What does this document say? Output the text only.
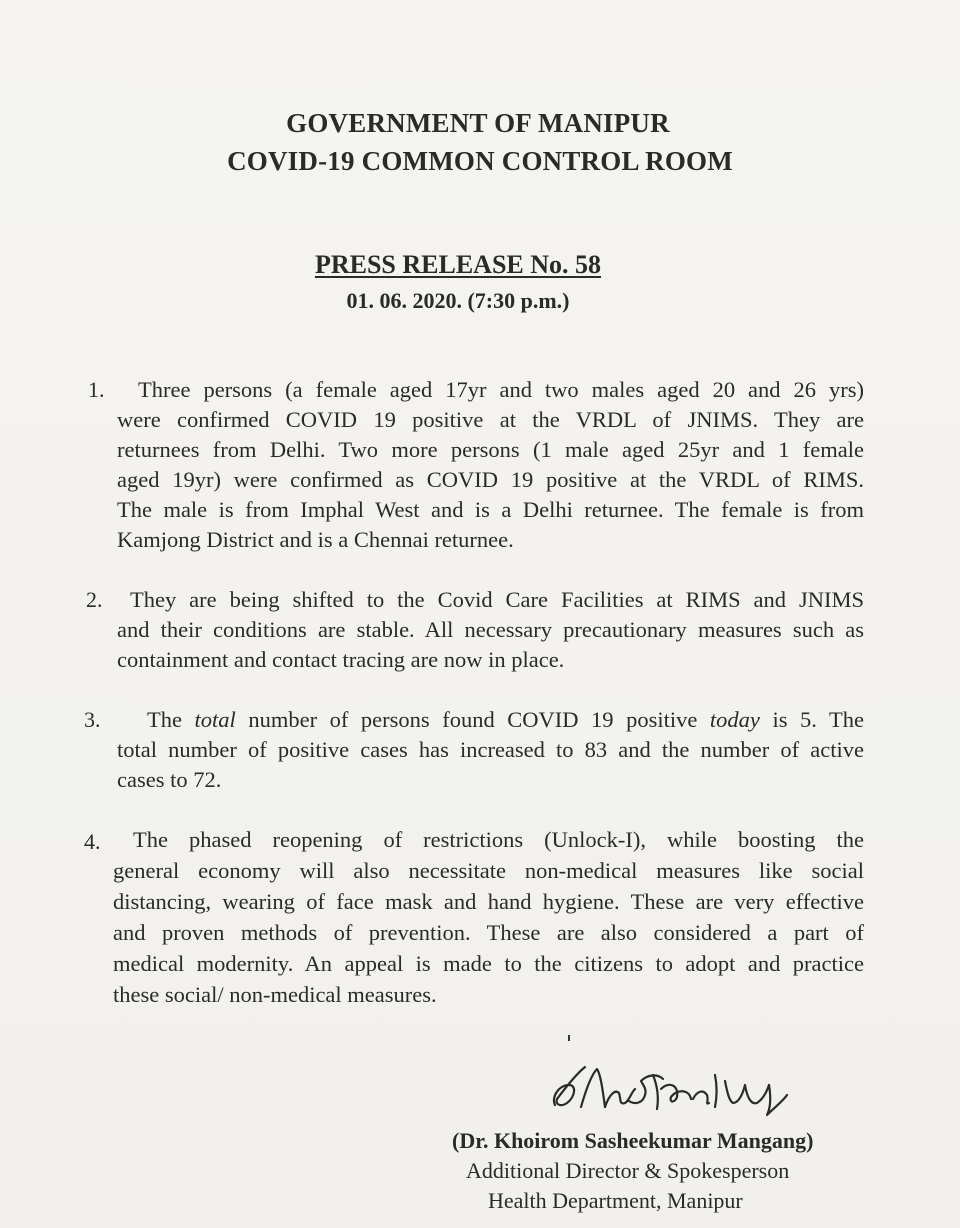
GOVERNMENT OF MANIPUR
COVID-19 COMMON CONTROL ROOM
PRESS RELEASE No. 58
01. 06. 2020. (7:30 p.m.)
1. Three persons (a female aged 17yr and two males aged 20 and 26 yrs)
were confirmed COVID 19 positive at the VRDL of JNIMS. They are
returnees from Delhi. Two more persons (1 male aged 25yr and 1 female
aged 19yr) were confirmed as COVID 19 positive at the VRDL of RIMS.
The male is from Imphal West and is a Delhi returnee. The female is from
Kamjong District and is a Chennai returnee.
2. They are being shifted to the Covid Care Facilities at RIMS and JNIMS
and their conditions are stable. All necessary precautionary measures such as
containment and contact tracing are now in place.
3. The total number of persons found COVID 19 positive today is 5. The
total number of positive cases has increased to 83 and the number of active
cases to 72.
4. The phased reopening of restrictions (Unlock-I), while boosting the
general economy will also necessitate non-medical measures like social
distancing, wearing of face mask and hand hygiene. These are very effective
and proven methods of prevention. These are also considered a part of
medical modernity. An appeal is made to the citizens to adopt and practice
these social/ non-medical measures.
(Dr. Khoirom Sasheekumar Mangang)
Additional Director & Spokesperson
Health Department, Manipur
